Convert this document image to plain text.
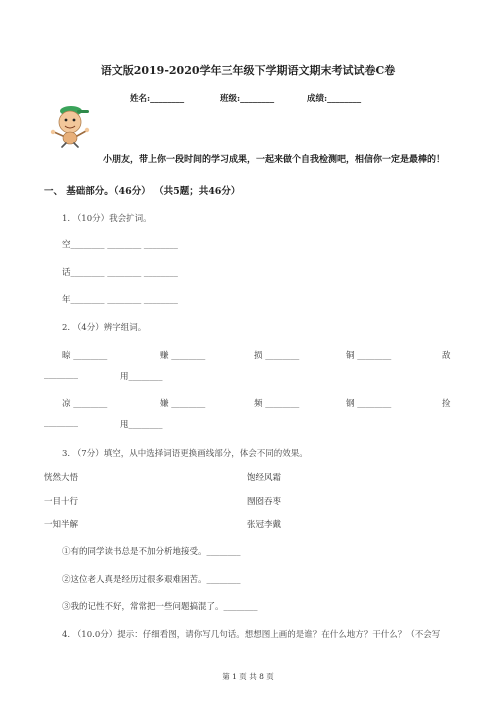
语文版2019-2020学年三年级下学期语文期末考试试卷C卷
姓名:________	班级:________	成绩:________
小朋友，带上你一段时间的学习成果，一起来做个自我检测吧，相信你一定是最棒的！
一、 基础部分。（46分） （共5题；共46分）
1. （10分）我会扩词。
空________ ________ ________
话________ ________ ________
年________ ________ ________
2. （4分）辨字组词。
晾 ________	赚 ________	损 ________	铜 ________	敌
________	用________
凉 ________	嫌 ________	频 ________	钢 ________	捡
________	甩________
3. （7分）填空，从中选择词语更换画线部分，体会不同的效果。
恍然大悟	饱经风霜
一目十行	囫囵吞枣
一知半解	张冠李戴
①有的同学读书总是不加分析地接受。________
②这位老人真是经历过很多艰难困苦。________
③我的记性不好，常常把一些问题搞混了。________
4. （10.0分）提示：仔细看图，请你写几句话。想想图上画的是谁？在什么地方？干什么？（不会写
第 1 页 共 8 页
